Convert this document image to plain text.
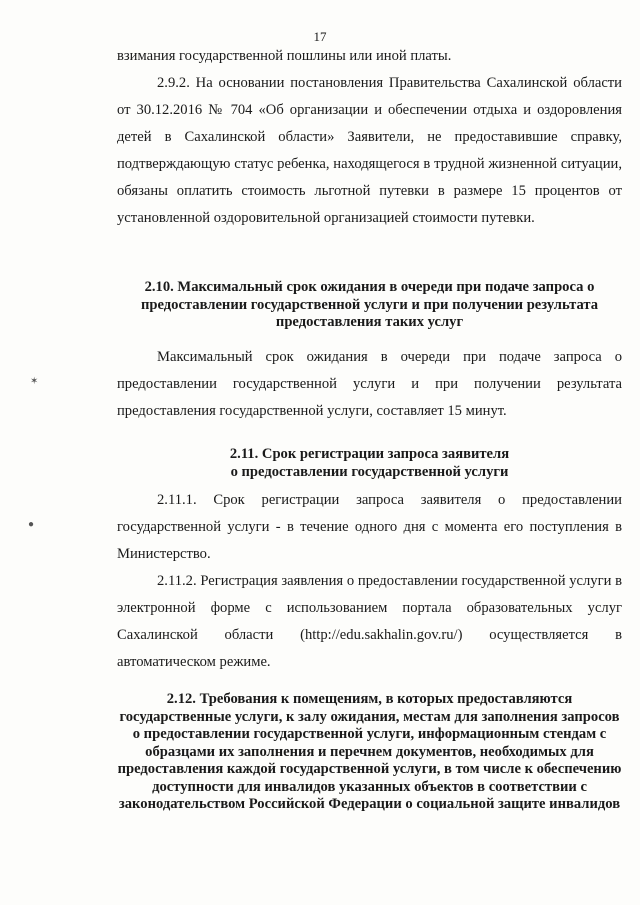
17

взимания государственной пошлины или иной платы.

2.9.2. На основании постановления Правительства Сахалинской области от 30.12.2016 № 704 «Об организации и обеспечении отдыха и оздоровления детей в Сахалинской области» Заявители, не предоставившие справку, подтверждающую статус ребенка, находящегося в трудной жизненной ситуации, обязаны оплатить стоимость льготной путевки в размере 15 процентов от установленной оздоровительной организацией стоимости путевки.

2.10. Максимальный срок ожидания в очереди при подаче запроса о предоставлении государственной услуги и при получении результата предоставления таких услуг

Максимальный срок ожидания в очереди при подаче запроса о предоставлении государственной услуги и при получении результата предоставления государственной услуги, составляет 15 минут.

2.11. Срок регистрации запроса заявителя

о предоставлении государственной услуги

2.11.1. Срок регистрации запроса заявителя о предоставлении государственной услуги - в течение одного дня с момента его поступления в Министерство.

2.11.2. Регистрация заявления о предоставлении государственной услуги в электронной форме с использованием портала образовательных услуг Сахалинской области (http://edu.sakhalin.gov.ru/) осуществляется в автоматическом режиме.

2.12. Требования к помещениям, в которых предоставляются государственные услуги, к залу ожидания, местам для заполнения запросов о предоставлении государственной услуги, информационным стендам с образцами их заполнения и перечнем документов, необходимых для предоставления каждой государственной услуги, в том числе к обеспечению доступности для инвалидов указанных объектов в соответствии с законодательством Российской Федерации о социальной защите инвалидов

✶
●
